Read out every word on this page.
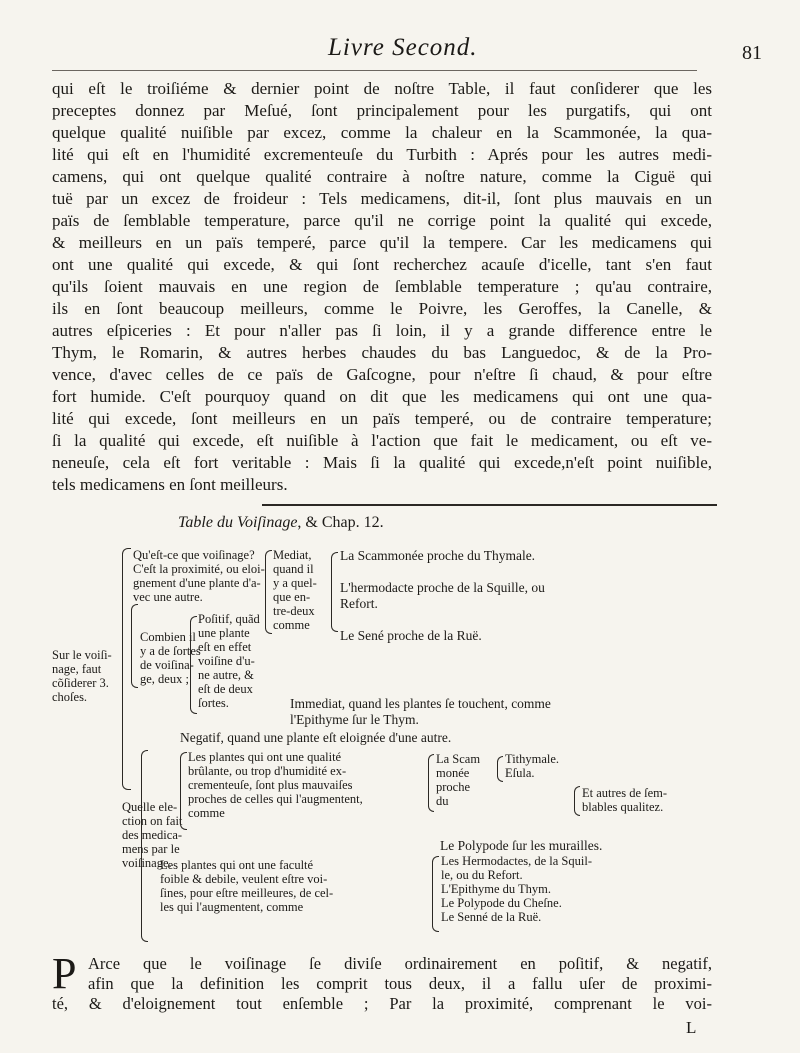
Livre Second.	81
qui eſt le troiſiéme & dernier point de noſtre Table, il faut conſiderer que les
preceptes donnez par Meſué, ſont principalement pour les purgatifs, qui ont
quelque qualité nuiſible par excez, comme la chaleur en la Scammonée, la qua-
lité qui eſt en l'humidité excrementeuſe du Turbith : Aprés pour les autres medi-
camens, qui ont quelque qualité contraire à noſtre nature, comme la Ciguë qui
tuë par un excez de froideur : Tels medicamens, dit-il, ſont plus mauvais en un
païs de ſemblable temperature, parce qu'il ne corrige point la qualité qui excede,
& meilleurs en un païs temperé, parce qu'il la tempere. Car les medicamens qui
ont une qualité qui excede, & qui ſont recherchez acauſe d'icelle, tant s'en faut
qu'ils ſoient mauvais en une region de ſemblable temperature ; qu'au contraire,
ils en ſont beaucoup meilleurs, comme le Poivre, les Geroffes, la Canelle, &
autres eſpiceries : Et pour n'aller pas ſi loin, il y a grande difference entre le
Thym, le Romarin, & autres herbes chaudes du bas Languedoc, & de la Pro-
vence, d'avec celles de ce païs de Gaſcogne, pour n'eſtre ſi chaud, & pour eſtre
fort humide. C'eſt pourquoy quand on dit que les medicamens qui ont une qua-
lité qui excede, ſont meilleurs en un païs temperé, ou de contraire temperature;
ſi la qualité qui excede, eſt nuiſible à l'action que fait le medicament, ou eſt ve-
neneuſe, cela eſt fort veritable : Mais ſi la qualité qui excede,n'eſt point nuiſible,
tels medicamens en ſont meilleurs.
Table du Voiſinage, & Chap. 12.
Sur le voiſi-
nage, faut
cõſiderer 3.
choſes.
Qu'eſt-ce que voiſinage?
C'eſt la proximité, ou eloi-
gnement d'une plante d'a-
vec une autre.
Mediat,
quand il
y a quel-
que en-
tre-deux
comme
La Scammonée proche du Thymale.
L'hermodacte proche de la Squille, ou
Refort.
Le Sené proche de la Ruë.
Combien il
y a de ſortes
de voiſina-
ge, deux ;
Poſitif, quãd
une plante
eſt en effet
voiſine d'u-
ne autre, &
eſt de deux
ſortes.	Immediat, quand les plantes ſe touchent, comme
l'Epithyme ſur le Thym.
Negatif, quand une plante eſt eloignée d'une autre.
Quelle ele-
ction on fait
des medica-
mens par le
voiſinage.
Les plantes qui ont une qualité
brûlante, ou trop d'humidité ex-
crementeuſe, ſont plus mauvaiſes
proches de celles qui l'augmentent,
comme
La Scam
monée
proche
du
Tithymale.
Eſula.
Et autres de ſem-
blables qualitez.
Le Polypode ſur les murailles.
Les plantes qui ont une faculté
foible & debile, veulent eſtre voi-
ſines, pour eſtre meilleures, de cel-
les qui l'augmentent, comme
Les Hermodactes, de la Squil-
le, ou du Refort.
L'Epithyme du Thym.
Le Polypode du Cheſne.
Le Senné de la Ruë.
P Arce que le voiſinage ſe diviſe ordinairement en poſitif, & negatif,
afin que la definition les comprit tous deux, il a fallu uſer de proximi-
té, & d'eloignement tout enſemble ; Par la proximité, comprenant le voi-
L
